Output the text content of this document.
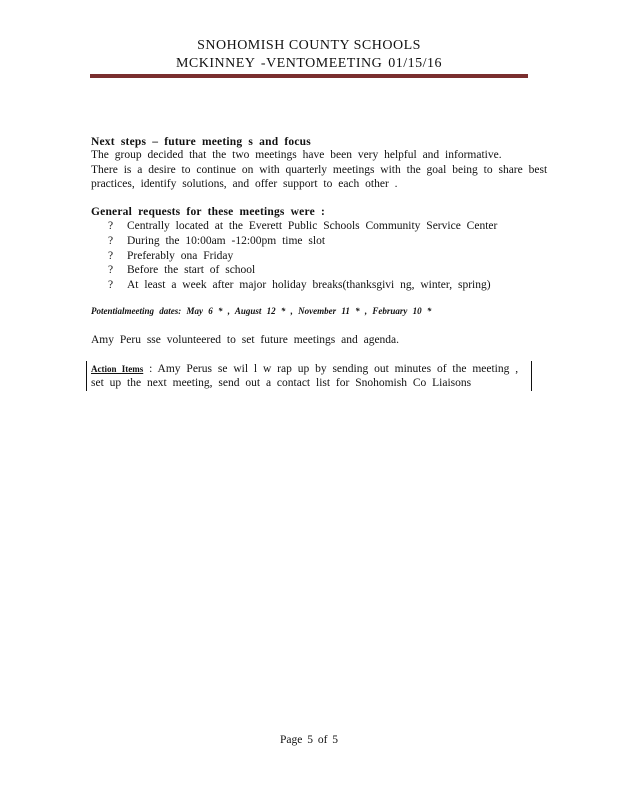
SNOHOMISH COUNTY SCHOOLS
MCKINNEY -VENTOMEETING 01/15/16
Next steps – future meeting s and focus
The group decided that the two meetings have been very helpful and informative.
There is a desire to continue on with quarterly meetings with the goal being to share best
practices, identify solutions, and offer support to each other .
General requests for these meetings were :
? Centrally located at the Everett Public Schools Community Service Center
? During the 10:00am -12:00pm time slot
? Preferably ona Friday
? Before the start of school
? At least a week after major holiday breaks(thanksgivi ng, winter, spring)
Potentialmeeting dates: May 6 * , August 12 * , November 11 * , February 10 *
Amy Peru sse volunteered to set future meetings and agenda.
Action Items : Amy Perus se wil l w rap up by sending out minutes of the meeting ,
set up the next meeting, send out a contact list for Snohomish Co Liaisons
Page 5 of 5
